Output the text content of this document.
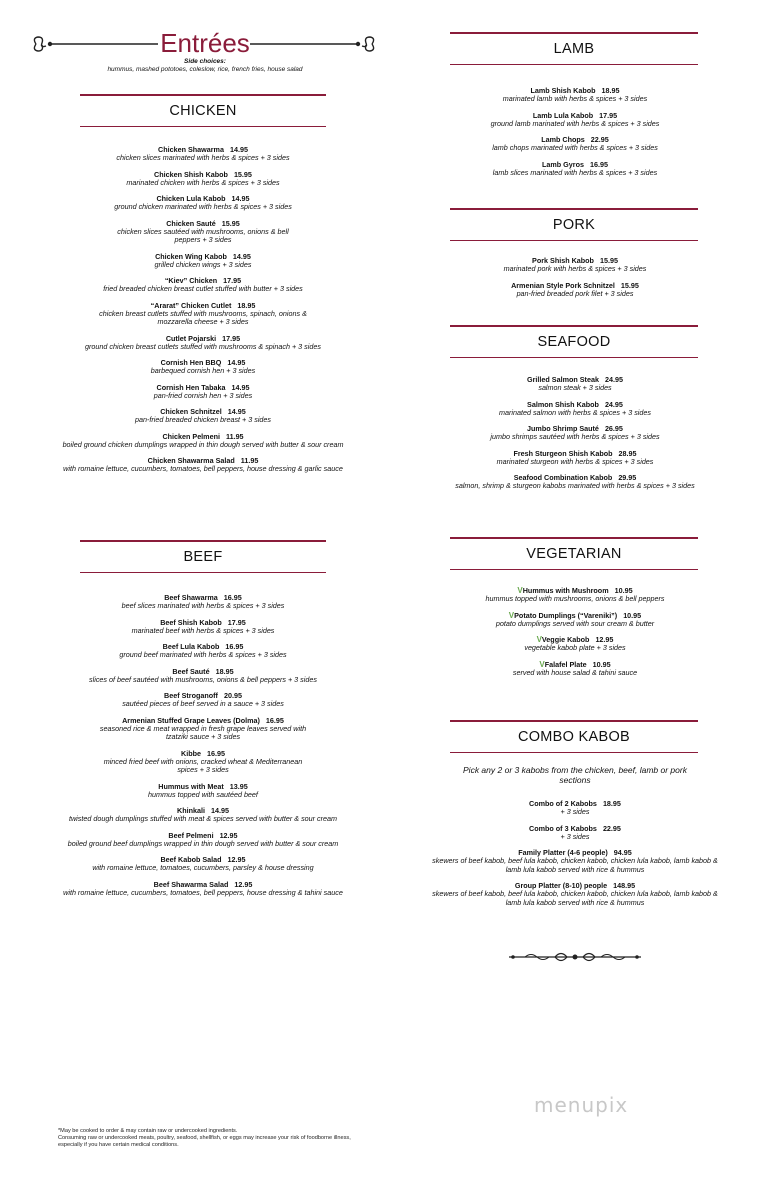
Entrées
Side choices:
hummus, mashed pototoes, coleslow, rice, french fries, house salad
CHICKEN
Chicken Shawarma 14.95
chicken slices marinated with herbs & spices + 3 sides
Chicken Shish Kabob 15.95
marinated chicken with herbs & spices + 3 sides
Chicken Lula Kabob 14.95
ground chicken marinated with herbs & spices + 3 sides
Chicken Sauté 15.95
chicken slices sautéed with mushrooms, onions & bell peppers + 3 sides
Chicken Wing Kabob 14.95
grilled chicken wings + 3 sides
“Kiev” Chicken 17.95
fried breaded chicken breast cutlet stuffed with butter + 3 sides
“Ararat” Chicken Cutlet 18.95
chicken breast cutlets stuffed with mushrooms, spinach, onions & mozzarella cheese + 3 sides
Cutlet Pojarski 17.95
ground chicken breast cutlets stuffed with mushrooms & spinach + 3 sides
Cornish Hen BBQ 14.95
barbequed cornish hen + 3 sides
Cornish Hen Tabaka 14.95
pan-fried cornish hen + 3 sides
Chicken Schnitzel 14.95
pan-fried breaded chicken breast + 3 sides
Chicken Pelmeni 11.95
boiled ground chicken dumplings wrapped in thin dough served with butter & sour cream
Chicken Shawarma Salad 11.95
with romaine lettuce, cucumbers, tomatoes, bell peppers, house dressing & garlic sauce
BEEF
Beef Shawarma 16.95
beef slices marinated with herbs & spices + 3 sides
Beef Shish Kabob 17.95
marinated beef with herbs & spices + 3 sides
Beef Lula Kabob 16.95
ground beef marinated with herbs & spices + 3 sides
Beef Sauté 18.95
slices of beef sautéed with mushrooms, onions & bell peppers + 3 sides
Beef Stroganoff 20.95
sautéed pieces of beef served in a sauce + 3 sides
Armenian Stuffed Grape Leaves (Dolma) 16.95
seasoned rice & meat wrapped in fresh grape leaves served with tzatziki sauce + 3 sides
Kibbe 16.95
minced fried beef with onions, cracked wheat & Mediterranean spices + 3 sides
Hummus with Meat 13.95
hummus topped with sautéed beef
Khinkali 14.95
twisted dough dumplings stuffed with meat & spices served with butter & sour cream
Beef Pelmeni 12.95
boiled ground beef dumplings wrapped in thin dough served with butter & sour cream
Beef Kabob Salad 12.95
with romaine lettuce, tomatoes, cucumbers, parsley & house dressing
Beef Shawarma Salad 12.95
with romaine lettuce, cucumbers, tomatoes, bell peppers, house dressing & tahini sauce
LAMB
Lamb Shish Kabob 18.95
marinated lamb with herbs & spices + 3 sides
Lamb Lula Kabob 17.95
ground lamb marinated with herbs & spices + 3 sides
Lamb Chops 22.95
lamb chops marinated with herbs & spices + 3 sides
Lamb Gyros 16.95
lamb slices marinated with herbs & spices + 3 sides
PORK
Pork Shish Kabob 15.95
marinated pork with herbs & spices + 3 sides
Armenian Style Pork Schnitzel 15.95
pan-fried breaded pork filet + 3 sides
SEAFOOD
Grilled Salmon Steak 24.95
salmon steak + 3 sides
Salmon Shish Kabob 24.95
marinated salmon with herbs & spices + 3 sides
Jumbo Shrimp Sauté 26.95
jumbo shrimps sautéed with herbs & spices + 3 sides
Fresh Sturgeon Shish Kabob 28.95
marinated sturgeon with herbs & spices + 3 sides
Seafood Combination Kabob 29.95
salmon, shrimp & sturgeon kabobs marinated with herbs & spices + 3 sides
VEGETARIAN
VHummus with Mushroom 10.95
hummus topped with mushrooms, onions & bell peppers
VPotato Dumplings (“Vareniki”) 10.95
potato dumplings served with sour cream & butter
VVeggie Kabob 12.95
vegetable kabob plate + 3 sides
VFalafel Plate 10.95
served with house salad & tahini sauce
COMBO KABOB
Pick any 2 or 3 kabobs from the chicken, beef, lamb or pork sections
Combo of 2 Kabobs 18.95
+ 3 sides
Combo of 3 Kabobs 22.95
+ 3 sides
Family Platter (4-6 people) 94.95
skewers of beef kabob, beef lula kabob, chicken kabob, chicken lula kabob, lamb kabob & lamb lula kabob served with rice & hummus
Group Platter (8-10) people 148.95
skewers of beef kabob, beef lula kabob, chicken kabob, chicken lula kabob, lamb kabob & lamb lula kabob served with rice & hummus
menupix
*May be cooked to order & may contain raw or undercooked ingredients.
Consuming raw or undercooked meats, poultry, seafood, shellfish, or eggs may increase your risk of foodborne illness, especially if you have certain medical conditions.
